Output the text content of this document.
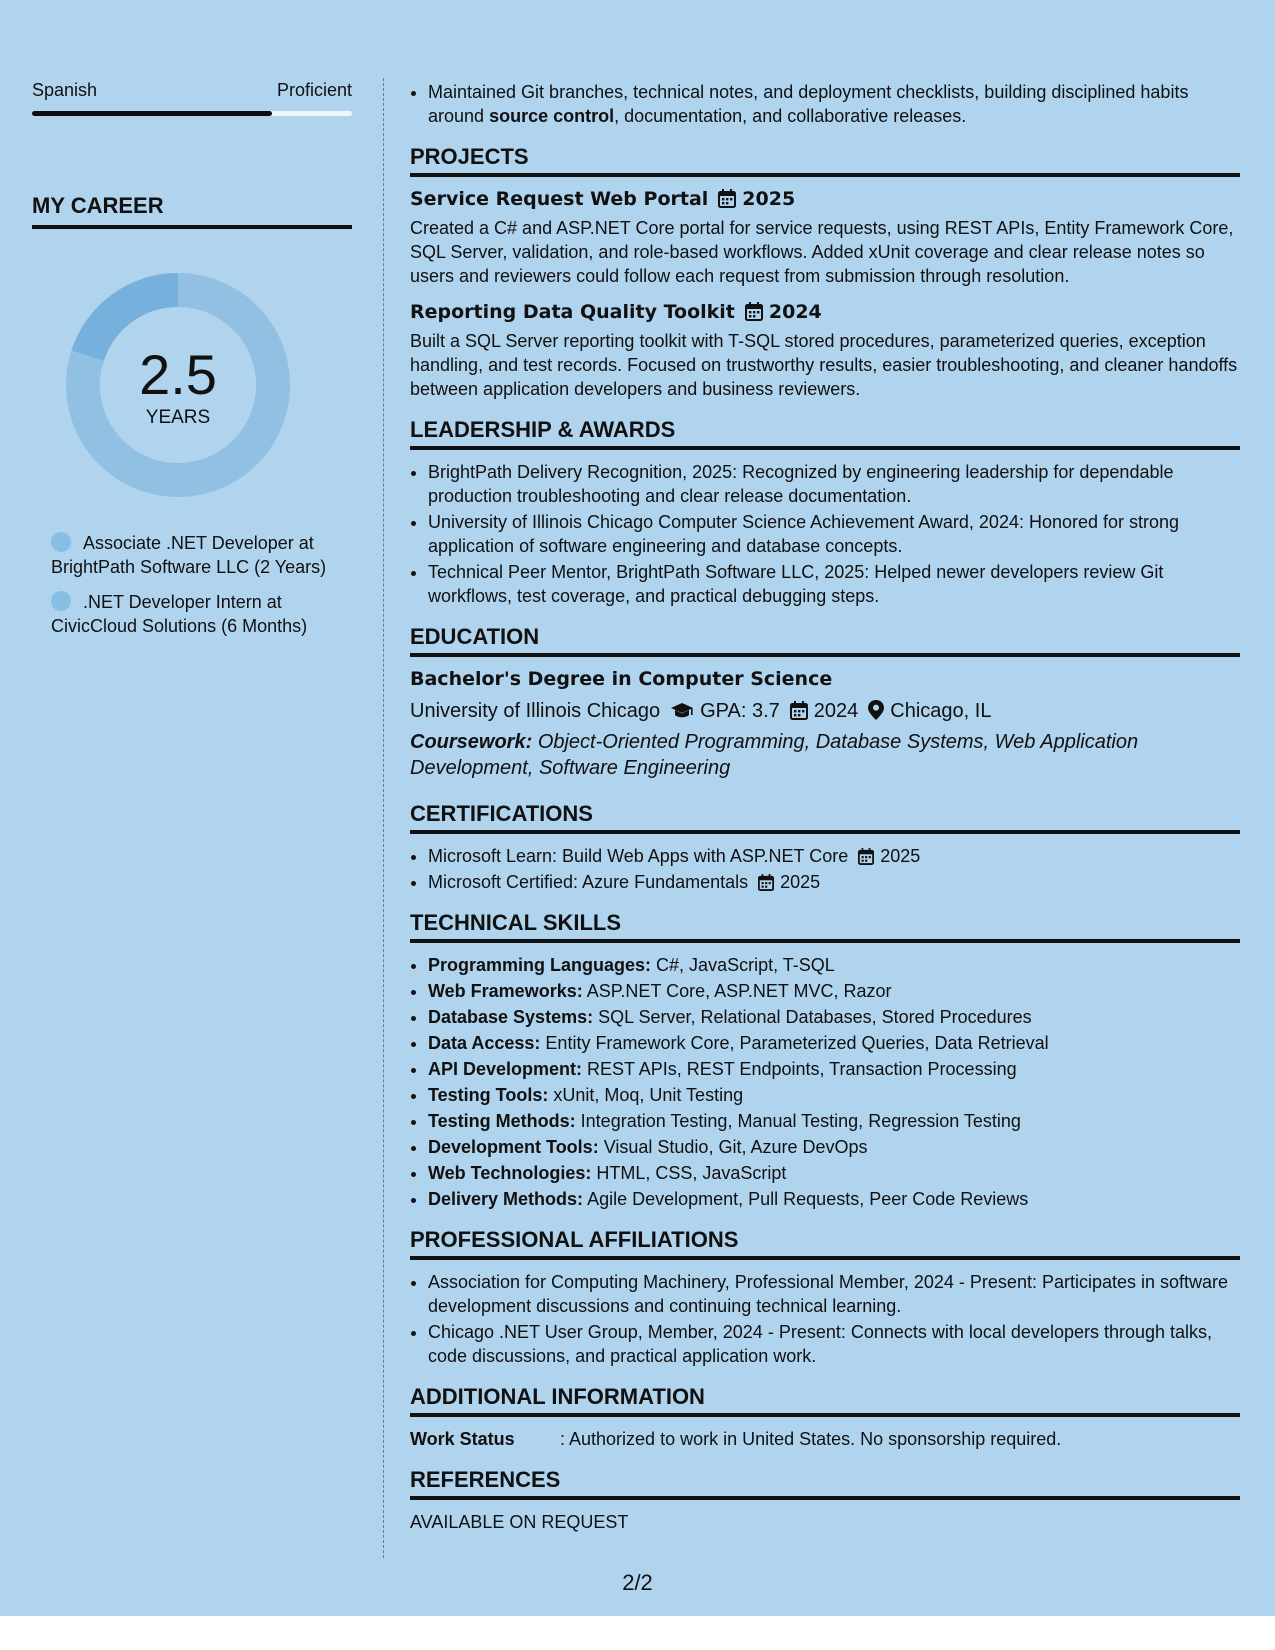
Spanish	Proficient
MY CAREER
2.5
YEARS
Associate .NET Developer at BrightPath Software LLC (2 Years)
.NET Developer Intern at CivicCloud Solutions (6 Months)
• Maintained Git branches, technical notes, and deployment checklists, building disciplined habits around source control, documentation, and collaborative releases.
PROJECTS
Service Request Web Portal 2025
Created a C# and ASP.NET Core portal for service requests, using REST APIs, Entity Framework Core, SQL Server, validation, and role-based workflows. Added xUnit coverage and clear release notes so users and reviewers could follow each request from submission through resolution.
Reporting Data Quality Toolkit 2024
Built a SQL Server reporting toolkit with T-SQL stored procedures, parameterized queries, exception handling, and test records. Focused on trustworthy results, easier troubleshooting, and cleaner handoffs between application developers and business reviewers.
LEADERSHIP & AWARDS
• BrightPath Delivery Recognition, 2025: Recognized by engineering leadership for dependable production troubleshooting and clear release documentation.
• University of Illinois Chicago Computer Science Achievement Award, 2024: Honored for strong application of software engineering and database concepts.
• Technical Peer Mentor, BrightPath Software LLC, 2025: Helped newer developers review Git workflows, test coverage, and practical debugging steps.
EDUCATION
Bachelor's Degree in Computer Science
University of Illinois Chicago GPA: 3.7 2024 Chicago, IL
Coursework: Object-Oriented Programming, Database Systems, Web Application Development, Software Engineering
CERTIFICATIONS
• Microsoft Learn: Build Web Apps with ASP.NET Core 2025
• Microsoft Certified: Azure Fundamentals 2025
TECHNICAL SKILLS
• Programming Languages: C#, JavaScript, T-SQL
• Web Frameworks: ASP.NET Core, ASP.NET MVC, Razor
• Database Systems: SQL Server, Relational Databases, Stored Procedures
• Data Access: Entity Framework Core, Parameterized Queries, Data Retrieval
• API Development: REST APIs, REST Endpoints, Transaction Processing
• Testing Tools: xUnit, Moq, Unit Testing
• Testing Methods: Integration Testing, Manual Testing, Regression Testing
• Development Tools: Visual Studio, Git, Azure DevOps
• Web Technologies: HTML, CSS, JavaScript
• Delivery Methods: Agile Development, Pull Requests, Peer Code Reviews
PROFESSIONAL AFFILIATIONS
• Association for Computing Machinery, Professional Member, 2024 - Present: Participates in software development discussions and continuing technical learning.
• Chicago .NET User Group, Member, 2024 - Present: Connects with local developers through talks, code discussions, and practical application work.
ADDITIONAL INFORMATION
Work Status	: Authorized to work in United States. No sponsorship required.
REFERENCES
AVAILABLE ON REQUEST
2/2
